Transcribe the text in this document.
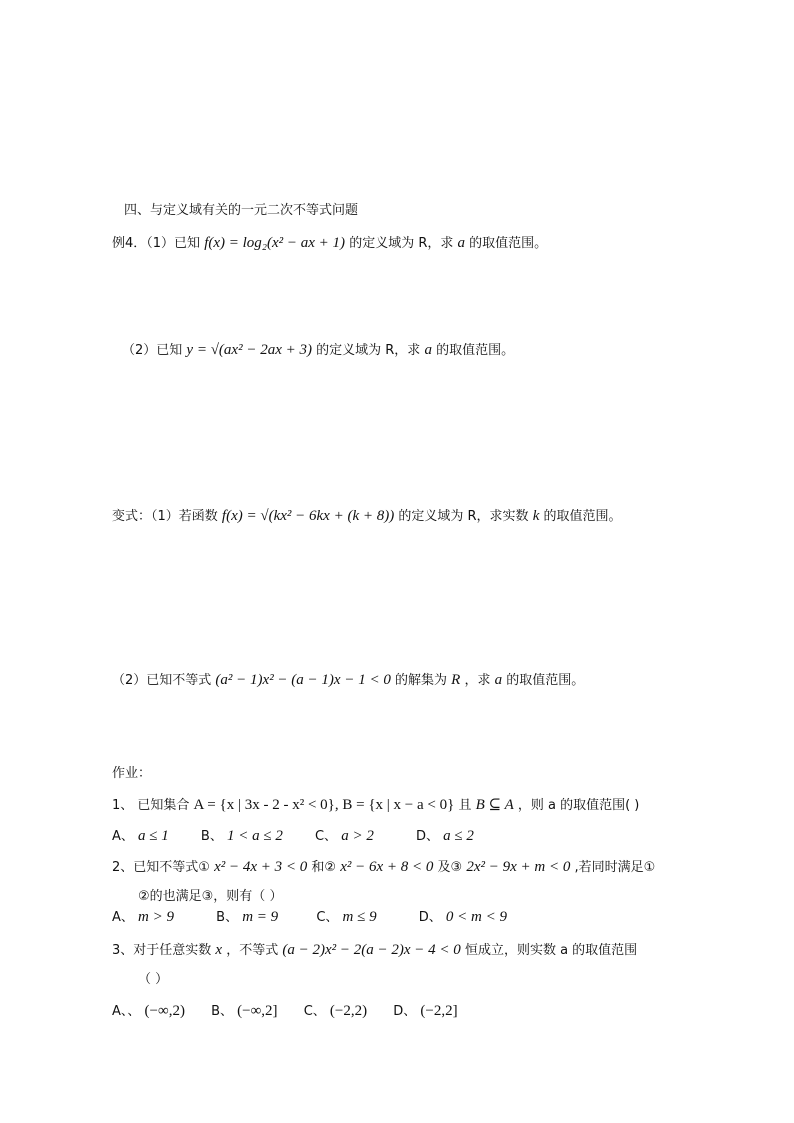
四、与定义域有关的一元二次不等式问题
例4．（1）已知 f(x) = log₂(x² − ax + 1) 的定义域为 R，求 a 的取值范围。
（2）已知 y = √(ax² − 2ax + 3) 的定义域为 R，求 a 的取值范围。
变式：（1）若函数 f(x) = √(kx² − 6kx + (k + 8)) 的定义域为 R，求实数 k 的取值范围。
（2）已知不等式 (a² − 1)x² − (a − 1)x − 1 < 0 的解集为 R ，求 a 的取值范围。
作业：
1、 已知集合 A = {x | 3x - 2 - x² < 0}, B = {x | x − a < 0} 且 B ⊆ A ，则 a 的取值范围( )
A、 a ≤ 1 B、 1 < a ≤ 2 C、 a > 2	D、 a ≤ 2
2、已知不等式① x² − 4x + 3 < 0 和② x² − 6x + 8 < 0 及③ 2x² − 9x + m < 0 ,若同时满足①
②的也满足③，则有（ ）
A、 m > 9	B、 m = 9	C、 m ≤ 9	D、 0 < m < 9
3、对于任意实数 x ，不等式 (a − 2)x² − 2(a − 2)x − 4 < 0 恒成立，则实数 a 的取值范围
（ ）
A、、 (−∞,2) B、 (−∞,2] C、 (−2,2) D、 (−2,2]
